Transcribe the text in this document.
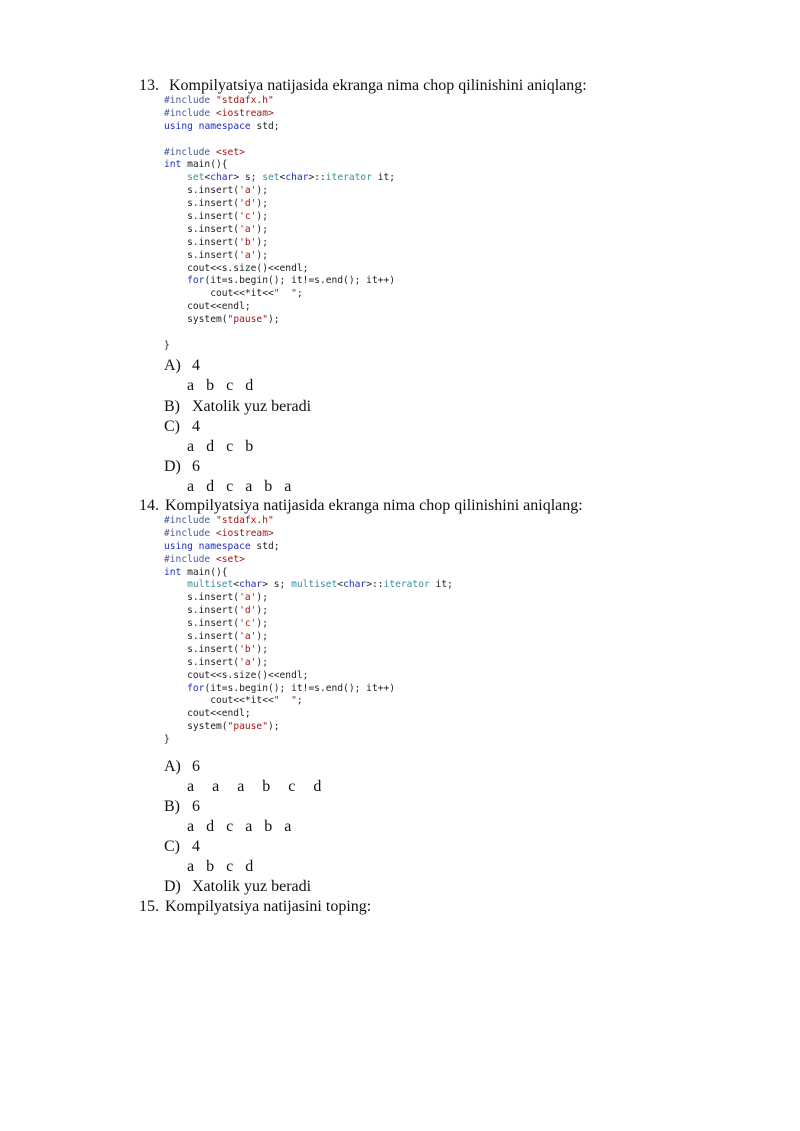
13. Kompilyatsiya natijasida ekranga nima chop qilinishini aniqlang:
#include "stdafx.h"
#include <iostream>
using namespace std;

#include <set>
int main(){
set<char> s; set<char>::iterator it;
s.insert('a');
s.insert('d');
s.insert('c');
s.insert('a');
s.insert('b');
s.insert('a');
cout<<s.size()<<endl;
for(it=s.begin(); it!=s.end(); it++)
cout<<*it<<"  ";
cout<<endl;
system("pause");

}
A) 4
a  b  c  d
B) Xatolik yuz beradi
C) 4
a  d  c  b
D) 6
a  d  c  a  b  a
14. Kompilyatsiya natijasida ekranga nima chop qilinishini aniqlang:
#include "stdafx.h"
#include <iostream>
using namespace std;
#include <set>
int main(){
multiset<char> s; multiset<char>::iterator it;
s.insert('a');
s.insert('d');
s.insert('c');
s.insert('a');
s.insert('b');
s.insert('a');
cout<<s.size()<<endl;
for(it=s.begin(); it!=s.end(); it++)
cout<<*it<<"  ";
cout<<endl;
system("pause");
}
A) 6
a   a   a   b   c   d
B) 6
a  d  c  a  b  a
C) 4
a  b  c  d
D) Xatolik yuz beradi
15. Kompilyatsiya natijasini toping:
